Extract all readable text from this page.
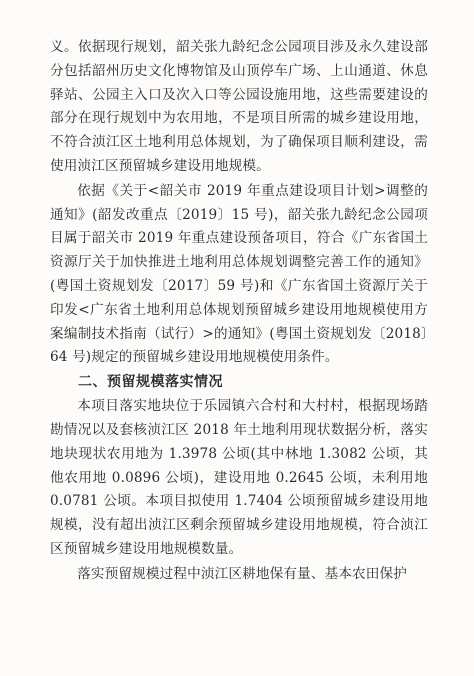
义。依据现行规划，韶关张九龄纪念公园项目涉及永久建设部分包括韶州历史文化博物馆及山顶停车广场、上山通道、休息驿站、公园主入口及次入口等公园设施用地，这些需要建设的部分在现行规划中为农用地，不是项目所需的城乡建设用地，不符合浈江区土地利用总体规划，为了确保项目顺利建设，需使用浈江区预留城乡建设用地规模。

依据《关于<韶关市 2019 年重点建设项目计划>调整的通知》(韶发改重点〔2019〕15 号)，韶关张九龄纪念公园项目属于韶关市 2019 年重点建设预备项目，符合《广东省国土资源厅关于加快推进土地利用总体规划调整完善工作的通知》(粤国土资规划发〔2017〕59 号)和《广东省国土资源厅关于印发<广东省土地利用总体规划预留城乡建设用地规模使用方案编制技术指南（试行）>的通知》(粤国土资规划发〔2018〕64 号)规定的预留城乡建设用地规模使用条件。

二、预留规模落实情况

本项目落实地块位于乐园镇六合村和大村村，根据现场踏勘情况以及套核浈江区 2018 年土地利用现状数据分析，落实地块现状农用地为 1.3978 公顷(其中林地 1.3082 公顷，其他农用地 0.0896 公顷)，建设用地 0.2645 公顷，未利用地 0.0781 公顷。本项目拟使用 1.7404 公顷预留城乡建设用地规模，没有超出浈江区剩余预留城乡建设用地规模，符合浈江区预留城乡建设用地规模数量。

落实预留规模过程中浈江区耕地保有量、基本农田保护
